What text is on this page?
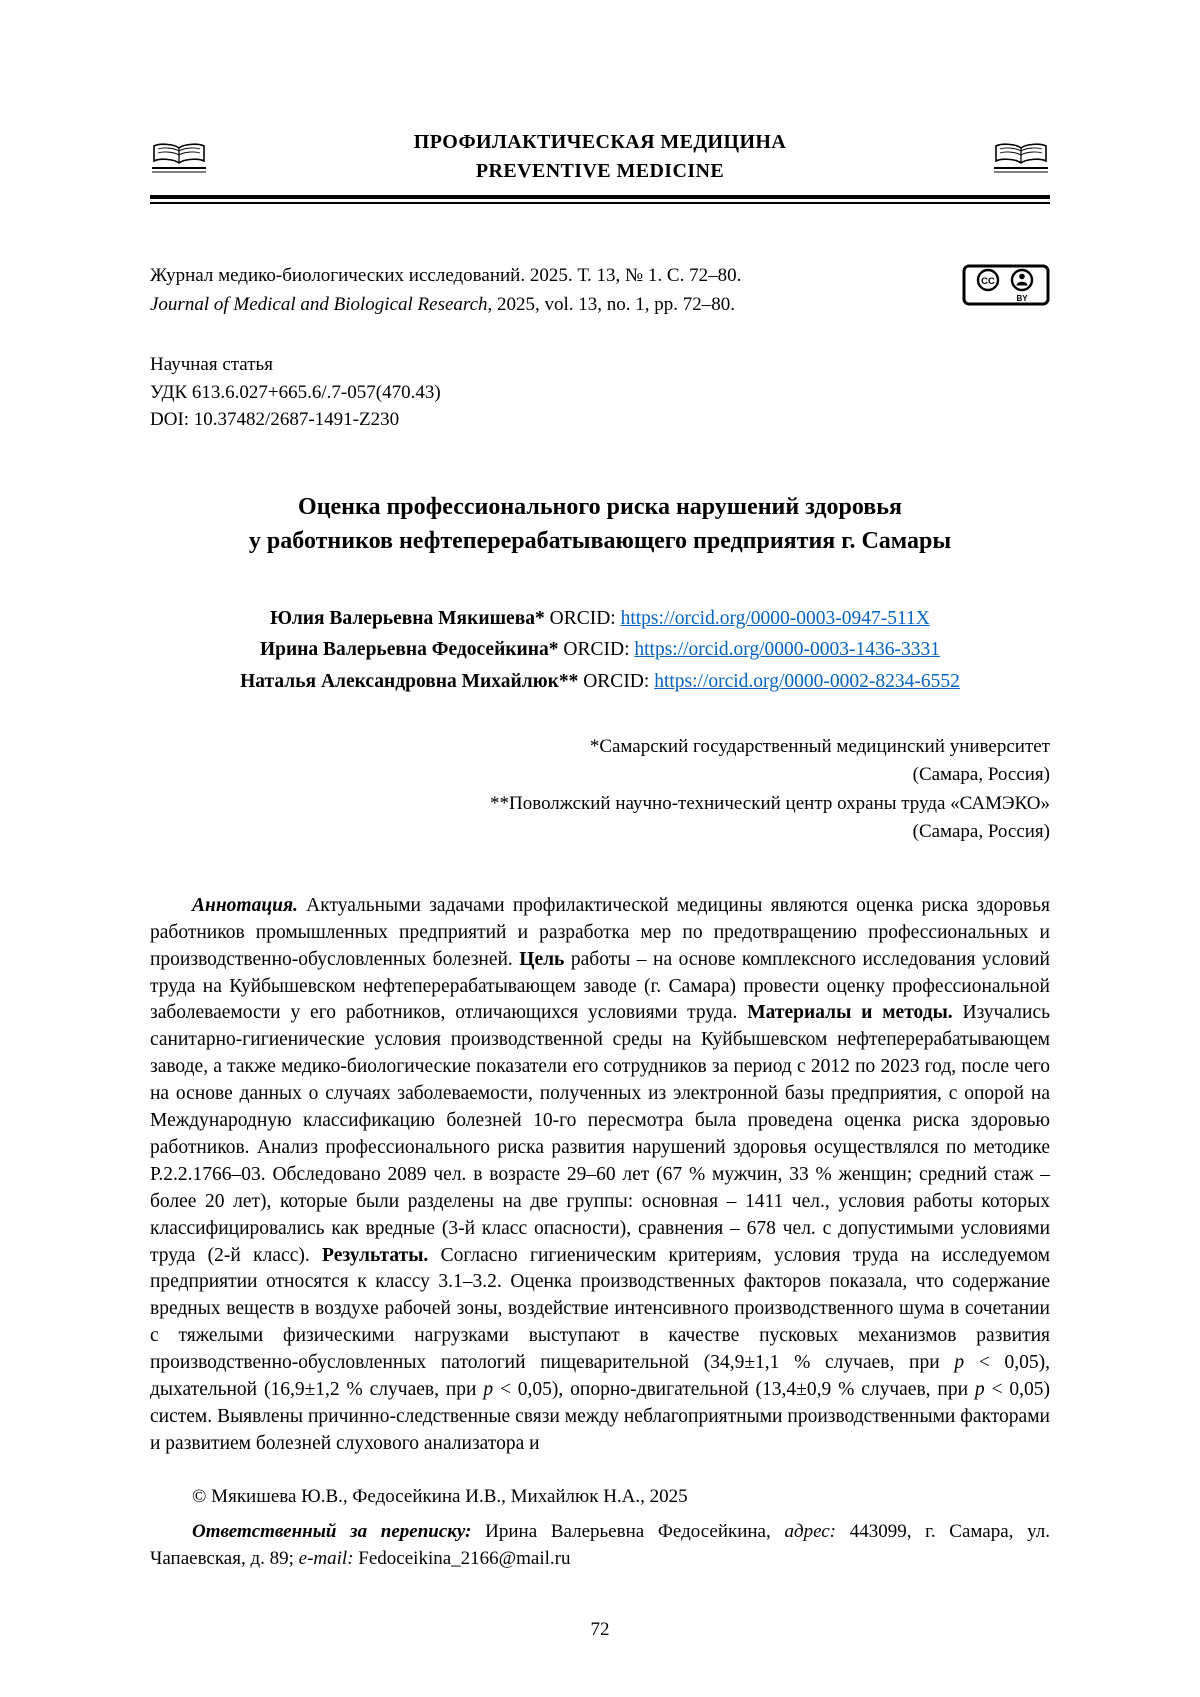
ПРОФИЛАКТИЧЕСКАЯ МЕДИЦИНА
PREVENTIVE MEDICINE
Журнал медико-биологических исследований. 2025. Т. 13, № 1. С. 72–80.
Journal of Medical and Biological Research, 2025, vol. 13, no. 1, pp. 72–80.
CC
BY
Научная статья
УДК 613.6.027+665.6/.7-057(470.43)
DOI: 10.37482/2687-1491-Z230
Оценка профессионального риска нарушений здоровья
у работников нефтеперерабатывающего предприятия г. Самары
Юлия Валерьевна Мякишева* ORCID: https://orcid.org/0000-0003-0947-511X
Ирина Валерьевна Федосейкина* ORCID: https://orcid.org/0000-0003-1436-3331
Наталья Александровна Михайлюк** ORCID: https://orcid.org/0000-0002-8234-6552
*Самарский государственный медицинский университет
(Самара, Россия)
**Поволжский научно-технический центр охраны труда «САМЭКО»
(Самара, Россия)

Аннотация. Актуальными задачами профилактической медицины являются оценка риска здоровья работников промышленных предприятий и разработка мер по предотвращению профессиональных и производственно-обусловленных болезней. Цель работы – на основе комплексного исследования условий труда на Куйбышевском нефтеперерабатывающем заводе (г. Самара) провести оценку профессиональной заболеваемости у его работников, отличающихся условиями труда. Материалы и методы. Изучались санитарно-гигиенические условия производственной среды на Куйбышевском нефтеперерабатывающем заводе, а также медико-биологические показатели его сотрудников за период с 2012 по 2023 год, после чего на основе данных о случаях заболеваемости, полученных из электронной базы предприятия, с опорой на Международную классификацию болезней 10-го пересмотра была проведена оценка риска здоровью работников. Анализ профессионального риска развития нарушений здоровья осуществлялся по методике Р.2.2.1766–03. Обследовано 2089 чел. в возрасте 29–60 лет (67 % мужчин, 33 % женщин; средний стаж – более 20 лет), которые были разделены на две группы: основная – 1411 чел., условия работы которых классифицировались как вредные (3-й класс опасности), сравнения – 678 чел. с допустимыми условиями труда (2-й класс). Результаты. Согласно гигиеническим критериям, условия труда на исследуемом предприятии относятся к классу 3.1–3.2. Оценка производственных факторов показала, что содержание вредных веществ в воздухе рабочей зоны, воздействие интенсивного производственного шума в сочетании с тяжелыми физическими нагрузками выступают в качестве пусковых механизмов развития производственно-обусловленных патологий пищеварительной (34,9±1,1 % случаев, при p < 0,05), дыхательной (16,9±1,2 % случаев, при p < 0,05), опорно-двигательной (13,4±0,9 % случаев, при p < 0,05) систем. Выявлены причинно-следственные связи между неблагоприятными производственными факторами и развитием болезней слухового анализатора и

© Мякишева Ю.В., Федосейкина И.В., Михайлюк Н.А., 2025

Ответственный за переписку: Ирина Валерьевна Федосейкина, адрес: 443099, г. Самара, ул. Чапаевская, д. 89; e-mail: Fedoceikina_2166@mail.ru

72
